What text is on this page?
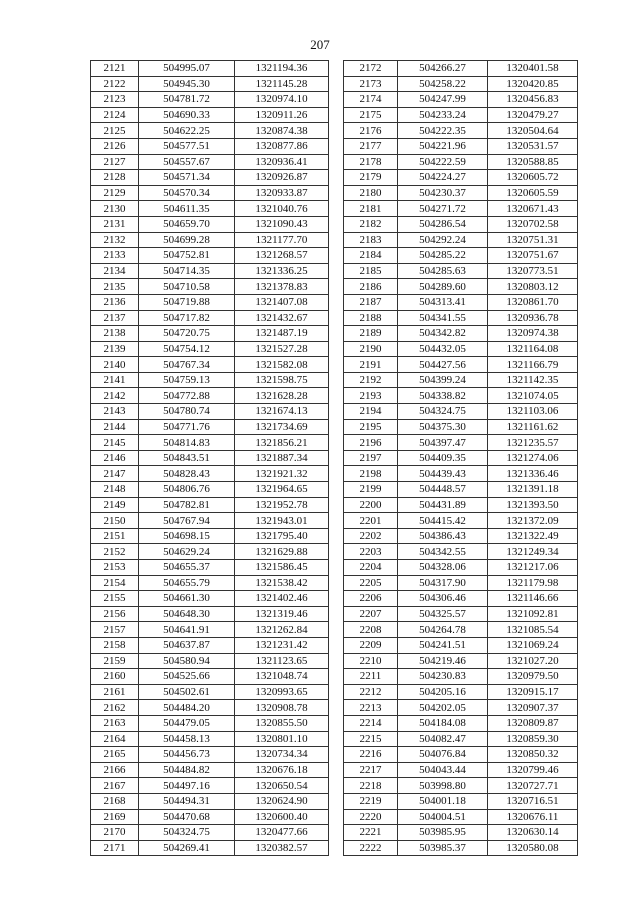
207
2121	504995.07	1321194.36
2122	504945.30	1321145.28
2123	504781.72	1320974.10
2124	504690.33	1320911.26
2125	504622.25	1320874.38
2126	504577.51	1320877.86
2127	504557.67	1320936.41
2128	504571.34	1320926.87
2129	504570.34	1320933.87
2130	504611.35	1321040.76
2131	504659.70	1321090.43
2132	504699.28	1321177.70
2133	504752.81	1321268.57
2134	504714.35	1321336.25
2135	504710.58	1321378.83
2136	504719.88	1321407.08
2137	504717.82	1321432.67
2138	504720.75	1321487.19
2139	504754.12	1321527.28
2140	504767.34	1321582.08
2141	504759.13	1321598.75
2142	504772.88	1321628.28
2143	504780.74	1321674.13
2144	504771.76	1321734.69
2145	504814.83	1321856.21
2146	504843.51	1321887.34
2147	504828.43	1321921.32
2148	504806.76	1321964.65
2149	504782.81	1321952.78
2150	504767.94	1321943.01
2151	504698.15	1321795.40
2152	504629.24	1321629.88
2153	504655.37	1321586.45
2154	504655.79	1321538.42
2155	504661.30	1321402.46
2156	504648.30	1321319.46
2157	504641.91	1321262.84
2158	504637.87	1321231.42
2159	504580.94	1321123.65
2160	504525.66	1321048.74
2161	504502.61	1320993.65
2162	504484.20	1320908.78
2163	504479.05	1320855.50
2164	504458.13	1320801.10
2165	504456.73	1320734.34
2166	504484.82	1320676.18
2167	504497.16	1320650.54
2168	504494.31	1320624.90
2169	504470.68	1320600.40
2170	504324.75	1320477.66
2171	504269.41	1320382.57
2172	504266.27	1320401.58
2173	504258.22	1320420.85
2174	504247.99	1320456.83
2175	504233.24	1320479.27
2176	504222.35	1320504.64
2177	504221.96	1320531.57
2178	504222.59	1320588.85
2179	504224.27	1320605.72
2180	504230.37	1320605.59
2181	504271.72	1320671.43
2182	504286.54	1320702.58
2183	504292.24	1320751.31
2184	504285.22	1320751.67
2185	504285.63	1320773.51
2186	504289.60	1320803.12
2187	504313.41	1320861.70
2188	504341.55	1320936.78
2189	504342.82	1320974.38
2190	504432.05	1321164.08
2191	504427.56	1321166.79
2192	504399.24	1321142.35
2193	504338.82	1321074.05
2194	504324.75	1321103.06
2195	504375.30	1321161.62
2196	504397.47	1321235.57
2197	504409.35	1321274.06
2198	504439.43	1321336.46
2199	504448.57	1321391.18
2200	504431.89	1321393.50
2201	504415.42	1321372.09
2202	504386.43	1321322.49
2203	504342.55	1321249.34
2204	504328.06	1321217.06
2205	504317.90	1321179.98
2206	504306.46	1321146.66
2207	504325.57	1321092.81
2208	504264.78	1321085.54
2209	504241.51	1321069.24
2210	504219.46	1321027.20
2211	504230.83	1320979.50
2212	504205.16	1320915.17
2213	504202.05	1320907.37
2214	504184.08	1320809.87
2215	504082.47	1320859.30
2216	504076.84	1320850.32
2217	504043.44	1320799.46
2218	503998.80	1320727.71
2219	504001.18	1320716.51
2220	504004.51	1320676.11
2221	503985.95	1320630.14
2222	503985.37	1320580.08
